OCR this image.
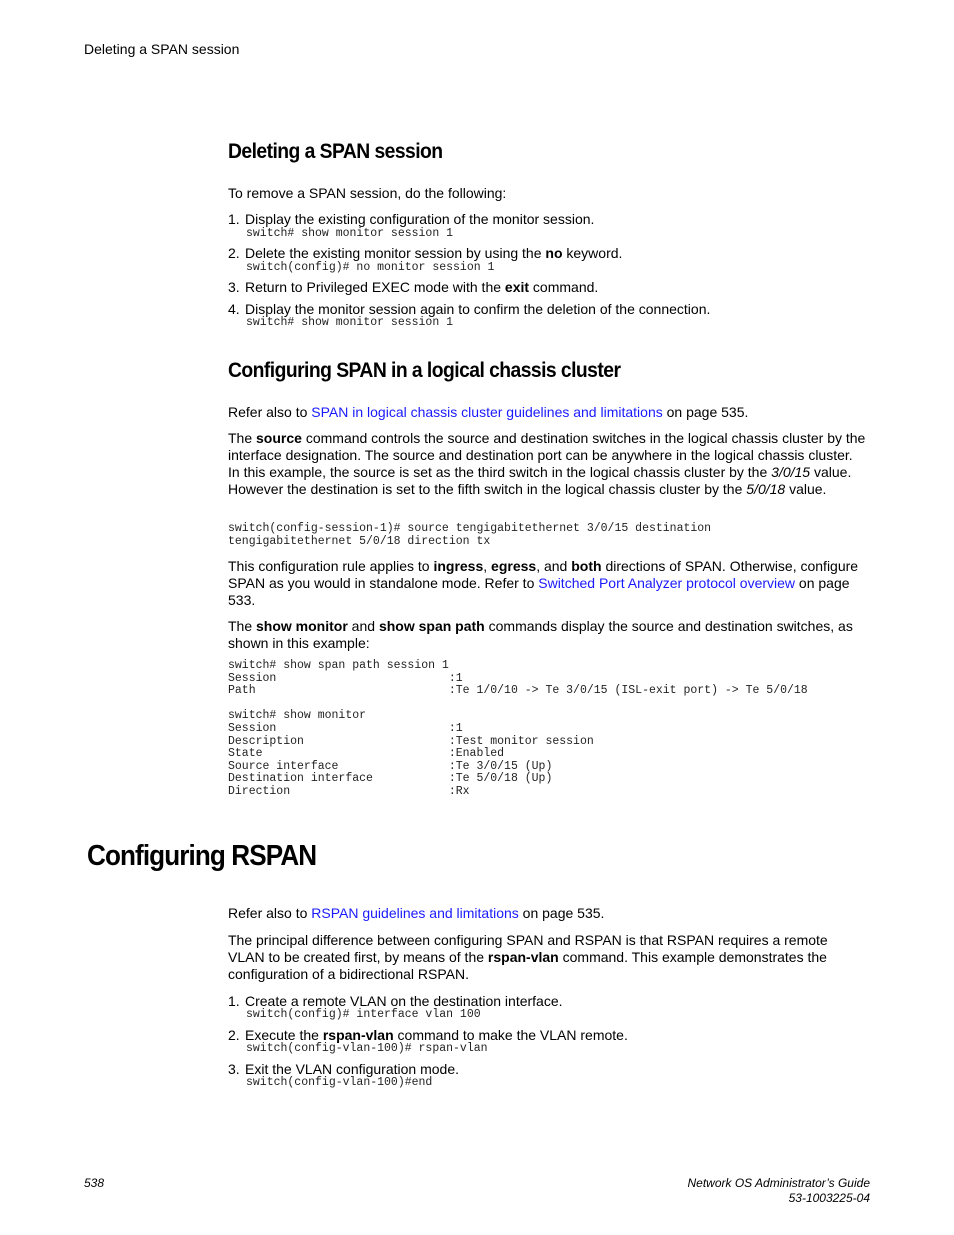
Deleting a SPAN session
Deleting a SPAN session
To remove a SPAN session, do the following:
1. Display the existing configuration of the monitor session.
switch# show monitor session 1
2. Delete the existing monitor session by using the no keyword.
switch(config)# no monitor session 1
3. Return to Privileged EXEC mode with the exit command.
4. Display the monitor session again to confirm the deletion of the connection.
switch# show monitor session 1
Configuring SPAN in a logical chassis cluster
Refer also to SPAN in logical chassis cluster guidelines and limitations on page 535.
The source command controls the source and destination switches in the logical chassis cluster by the interface designation. The source and destination port can be anywhere in the logical chassis cluster. In this example, the source is set as the third switch in the logical chassis cluster by the 3/0/15 value. However the destination is set to the fifth switch in the logical chassis cluster by the 5/0/18 value.
switch(config-session-1)# source tengigabitethernet 3/0/15 destination
tengigabitethernet 5/0/18 direction tx
This configuration rule applies to ingress, egress, and both directions of SPAN. Otherwise, configure SPAN as you would in standalone mode. Refer to Switched Port Analyzer protocol overview on page 533.
The show monitor and show span path commands display the source and destination switches, as shown in this example:
switch# show span path session 1
Session                         :1
Path                            :Te 1/0/10 -> Te 3/0/15 (ISL-exit port) -> Te 5/0/18

switch# show monitor
Session                         :1
Description                     :Test monitor session
State                           :Enabled
Source interface                :Te 3/0/15 (Up)
Destination interface           :Te 5/0/18 (Up)
Direction                       :Rx
Configuring RSPAN
Refer also to RSPAN guidelines and limitations on page 535.
The principal difference between configuring SPAN and RSPAN is that RSPAN requires a remote VLAN to be created first, by means of the rspan-vlan command. This example demonstrates the configuration of a bidirectional RSPAN.
1. Create a remote VLAN on the destination interface.
switch(config)# interface vlan 100
2. Execute the rspan-vlan command to make the VLAN remote.
switch(config-vlan-100)# rspan-vlan
3. Exit the VLAN configuration mode.
switch(config-vlan-100)#end
538	Network OS Administrator’s Guide
53-1003225-04
